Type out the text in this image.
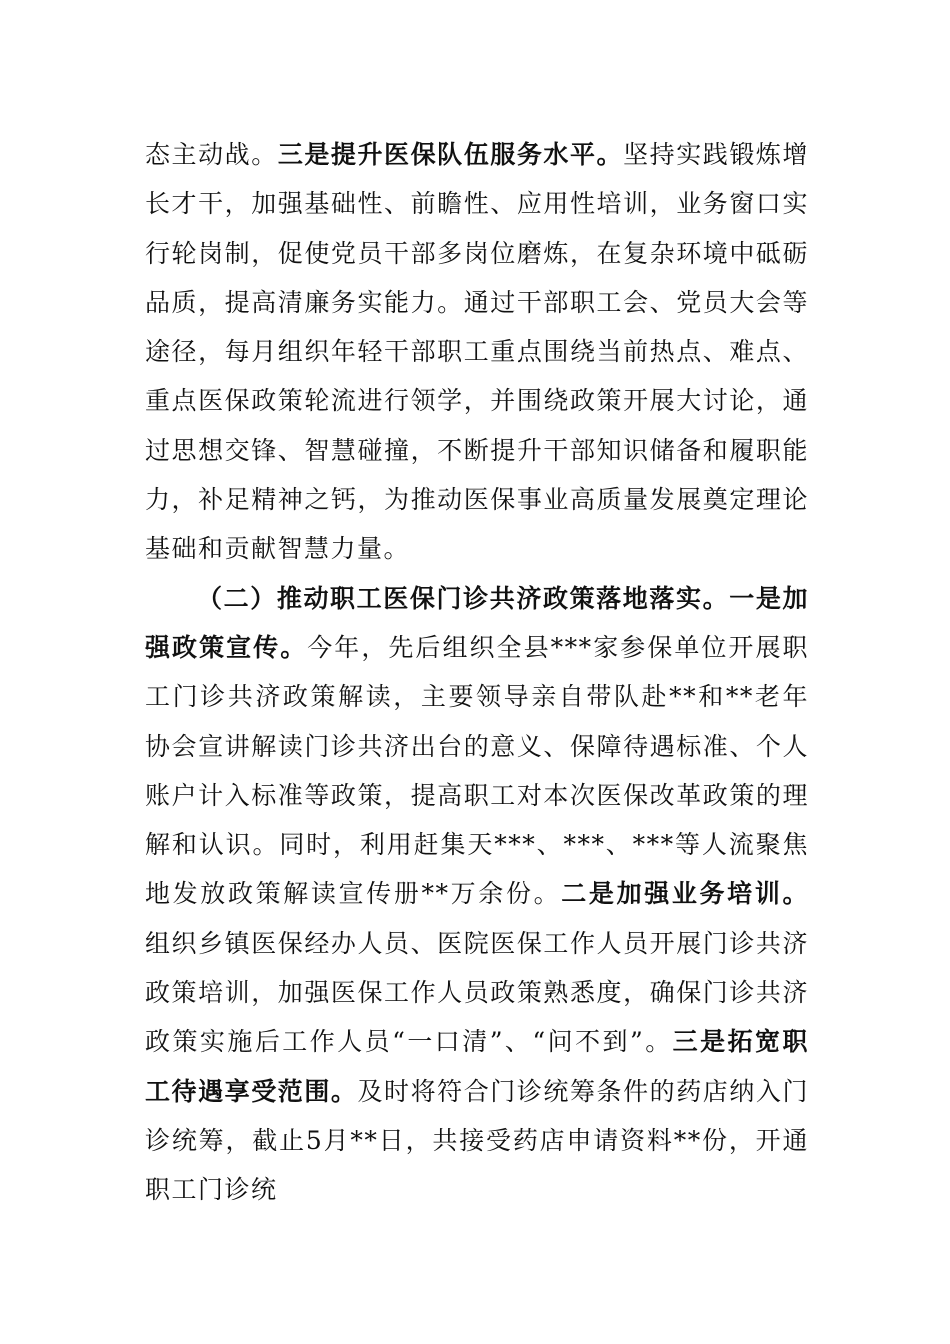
态主动战。三是提升医保队伍服务水平。坚持实践锻炼增长才干，加强基础性、前瞻性、应用性培训，业务窗口实行轮岗制，促使党员干部多岗位磨炼，在复杂环境中砥砺品质，提高清廉务实能力。通过干部职工会、党员大会等途径，每月组织年轻干部职工重点围绕当前热点、难点、重点医保政策轮流进行领学，并围绕政策开展大讨论，通过思想交锋、智慧碰撞，不断提升干部知识储备和履职能力，补足精神之钙，为推动医保事业高质量发展奠定理论基础和贡献智慧力量。

（二）推动职工医保门诊共济政策落地落实。一是加强政策宣传。今年，先后组织全县***家参保单位开展职工门诊共济政策解读，主要领导亲自带队赴**和**老年协会宣讲解读门诊共济出台的意义、保障待遇标准、个人账户计入标准等政策，提高职工对本次医保改革政策的理解和认识。同时，利用赶集天***、***、***等人流聚焦地发放政策解读宣传册**万余份。二是加强业务培训。组织乡镇医保经办人员、医院医保工作人员开展门诊共济政策培训，加强医保工作人员政策熟悉度，确保门诊共济政策实施后工作人员“一口清”、“问不到”。三是拓宽职工待遇享受范围。及时将符合门诊统筹条件的药店纳入门诊统筹，截止5月**日，共接受药店申请资料**份，开通职工门诊统
